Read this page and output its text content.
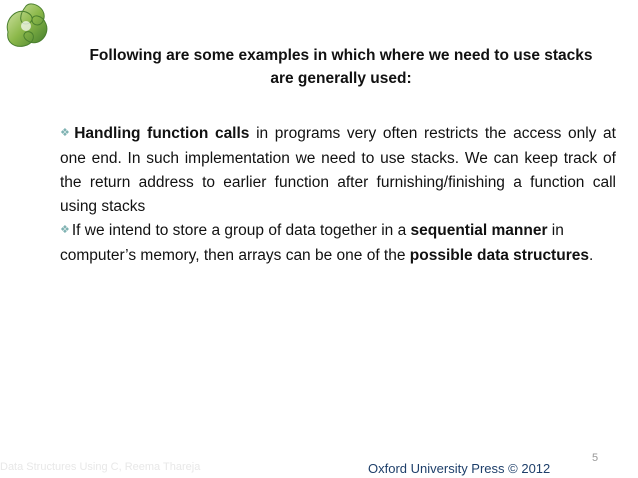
Following are some examples in which where we need to use stacks
are generally used:

❖ Handling function calls in programs very often restricts the access only at one end. In such implementation we need to use stacks. We can keep track of the return address to earlier function after furnishing/finishing a function call using stacks

❖ If we intend to store a group of data together in a sequential manner in computer’s memory, then arrays can be one of the possible data structures.

5
Data Structures Using C, Reema Thareja	Oxford University Press © 2012
